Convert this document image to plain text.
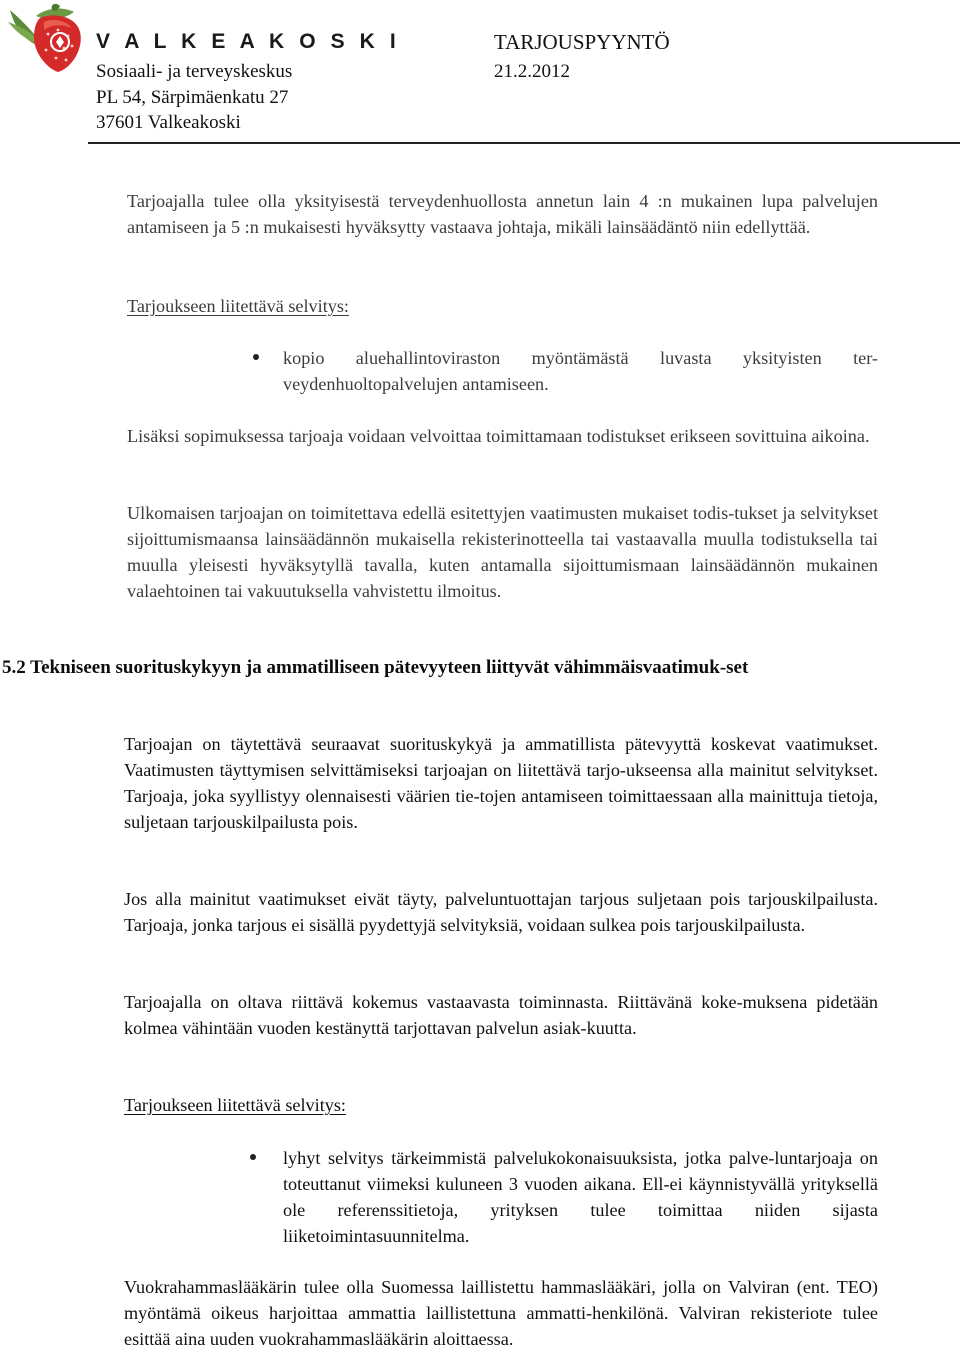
V A L K E A K O S K I	TARJOUSPYYNTÖ
Sosiaali- ja terveyskeskus	21.2.2012
PL 54, Särpimäenkatu 27
37601 Valkeakoski
Tarjoajalla tulee olla yksityisestä terveydenhuollosta annetun lain 4 :n mukainen lupa palvelujen antamiseen ja 5 :n mukaisesti hyväksytty vastaava johtaja, mikäli lainsäädäntö niin edellyttää.
Tarjoukseen liitettävä selvitys:
kopio aluehallintoviraston myöntämästä luvasta yksityisten ter-veydenhuoltopalvelujen antamiseen.
Lisäksi sopimuksessa tarjoaja voidaan velvoittaa toimittamaan todistukset erikseen sovittuina aikoina.
Ulkomaisen tarjoajan on toimitettava edellä esitettyjen vaatimusten mukaiset todis-tukset ja selvitykset sijoittumismaansa lainsäädännön mukaisella rekisterinotteella tai vastaavalla muulla todistuksella tai muulla yleisesti hyväksytyllä tavalla, kuten antamalla sijoittumismaan lainsäädännön mukainen valaehtoinen tai vakuutuksella vahvistettu ilmoitus.
5.2 Tekniseen suorituskykyyn ja ammatilliseen pätevyyteen liittyvät vähimmäisvaatimuk-set
Tarjoajan on täytettävä seuraavat suorituskykyä ja ammatillista pätevyyttä koskevat vaatimukset. Vaatimusten täyttymisen selvittämiseksi tarjoajan on liitettävä tarjo-ukseensa alla mainitut selvitykset. Tarjoaja, joka syyllistyy olennaisesti väärien tie-tojen antamiseen toimittaessaan alla mainittuja tietoja, suljetaan tarjouskilpailusta pois.
Jos alla mainitut vaatimukset eivät täyty, palveluntuottajan tarjous suljetaan pois tarjouskilpailusta. Tarjoaja, jonka tarjous ei sisällä pyydettyjä selvityksiä, voidaan sulkea pois tarjouskilpailusta.
Tarjoajalla on oltava riittävä kokemus vastaavasta toiminnasta. Riittävänä koke-muksena pidetään kolmea vähintään vuoden kestänyttä tarjottavan palvelun asiak-kuutta.
Tarjoukseen liitettävä selvitys:
lyhyt selvitys tärkeimmistä palvelukokonaisuuksista, jotka palve-luntarjoaja on toteuttanut viimeksi kuluneen 3 vuoden aikana. Ell-ei käynnistyvällä yrityksellä ole referenssitietoja, yrityksen tulee toimittaa niiden sijasta liiketoimintasuunnitelma.
Vuokrahammaslääkärin tulee olla Suomessa laillistettu hammaslääkäri, jolla on Valviran (ent. TEO) myöntämä oikeus harjoittaa ammattia laillistettuna ammatti-henkilönä. Valviran rekisteriote tulee esittää aina uuden vuokrahammaslääkärin aloittaessa.
